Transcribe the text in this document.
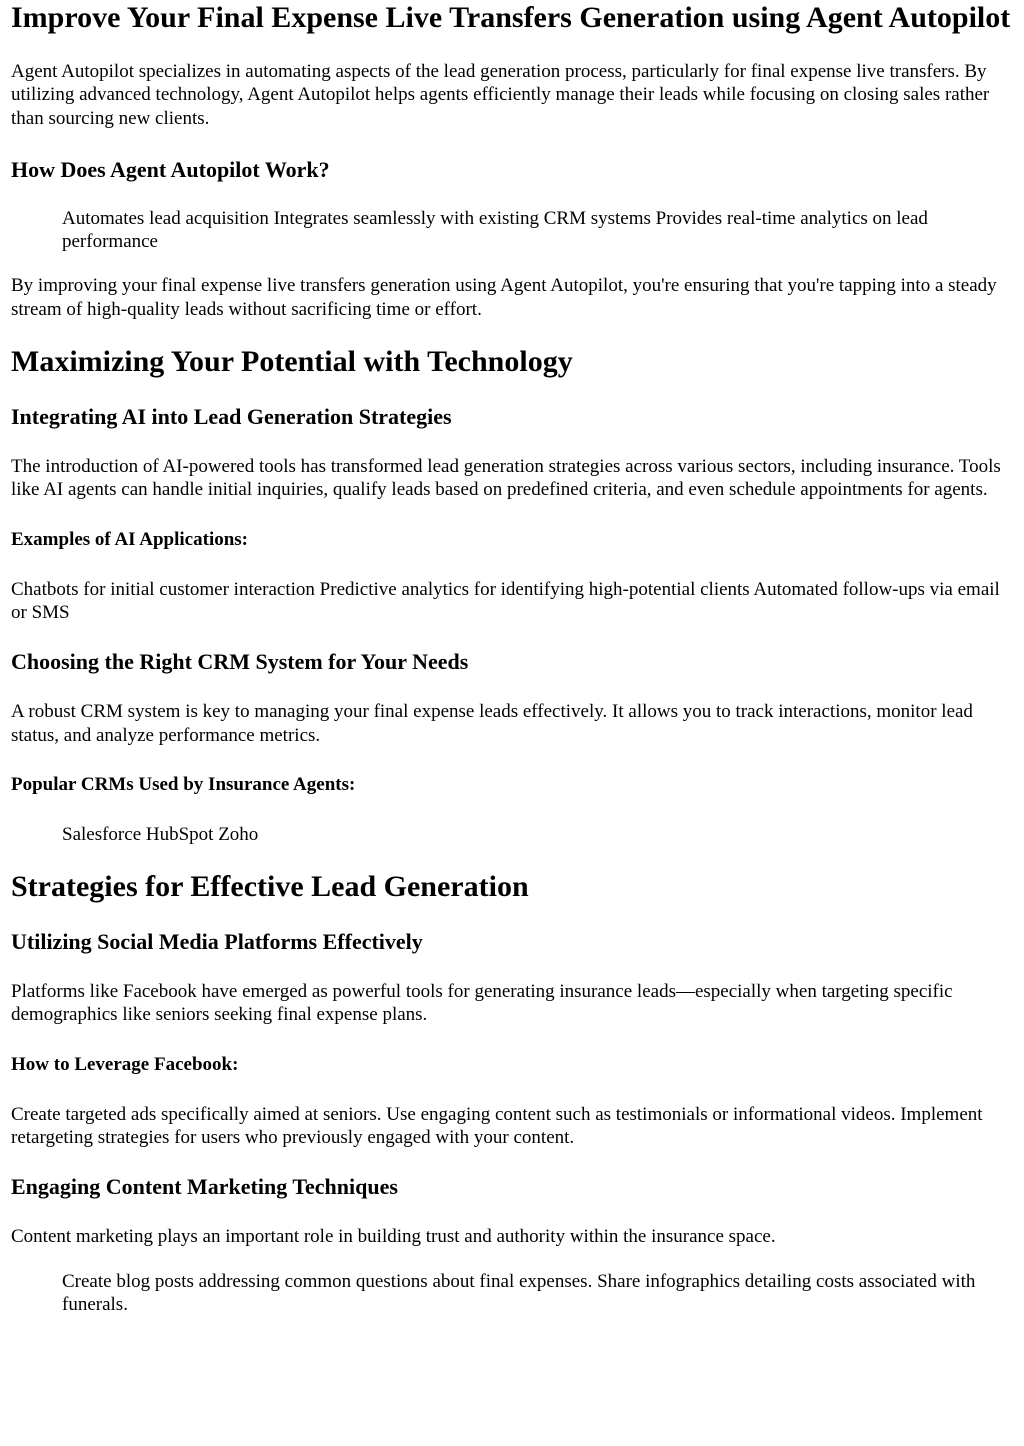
Improve Your Final Expense Live Transfers Generation using Agent Autopilot

Agent Autopilot specializes in automating aspects of the lead generation process, particularly for final expense live transfers. By utilizing advanced technology, Agent Autopilot helps agents efficiently manage their leads while focusing on closing sales rather than sourcing new clients.

How Does Agent Autopilot Work?

Automates lead acquisition Integrates seamlessly with existing CRM systems Provides real-time analytics on lead performance

By improving your final expense live transfers generation using Agent Autopilot, you're ensuring that you're tapping into a steady stream of high-quality leads without sacrificing time or effort.

Maximizing Your Potential with Technology
Integrating AI into Lead Generation Strategies

The introduction of AI-powered tools has transformed lead generation strategies across various sectors, including insurance. Tools like AI agents can handle initial inquiries, qualify leads based on predefined criteria, and even schedule appointments for agents.

Examples of AI Applications:

Chatbots for initial customer interaction Predictive analytics for identifying high-potential clients Automated follow-ups via email or SMS

Choosing the Right CRM System for Your Needs

A robust CRM system is key to managing your final expense leads effectively. It allows you to track interactions, monitor lead status, and analyze performance metrics.

Popular CRMs Used by Insurance Agents:

Salesforce HubSpot Zoho

Strategies for Effective Lead Generation
Utilizing Social Media Platforms Effectively

Platforms like Facebook have emerged as powerful tools for generating insurance leads—especially when targeting specific demographics like seniors seeking final expense plans.

How to Leverage Facebook:

Create targeted ads specifically aimed at seniors. Use engaging content such as testimonials or informational videos. Implement retargeting strategies for users who previously engaged with your content.

Engaging Content Marketing Techniques

Content marketing plays an important role in building trust and authority within the insurance space.

Create blog posts addressing common questions about final expenses. Share infographics detailing costs associated with funerals.
